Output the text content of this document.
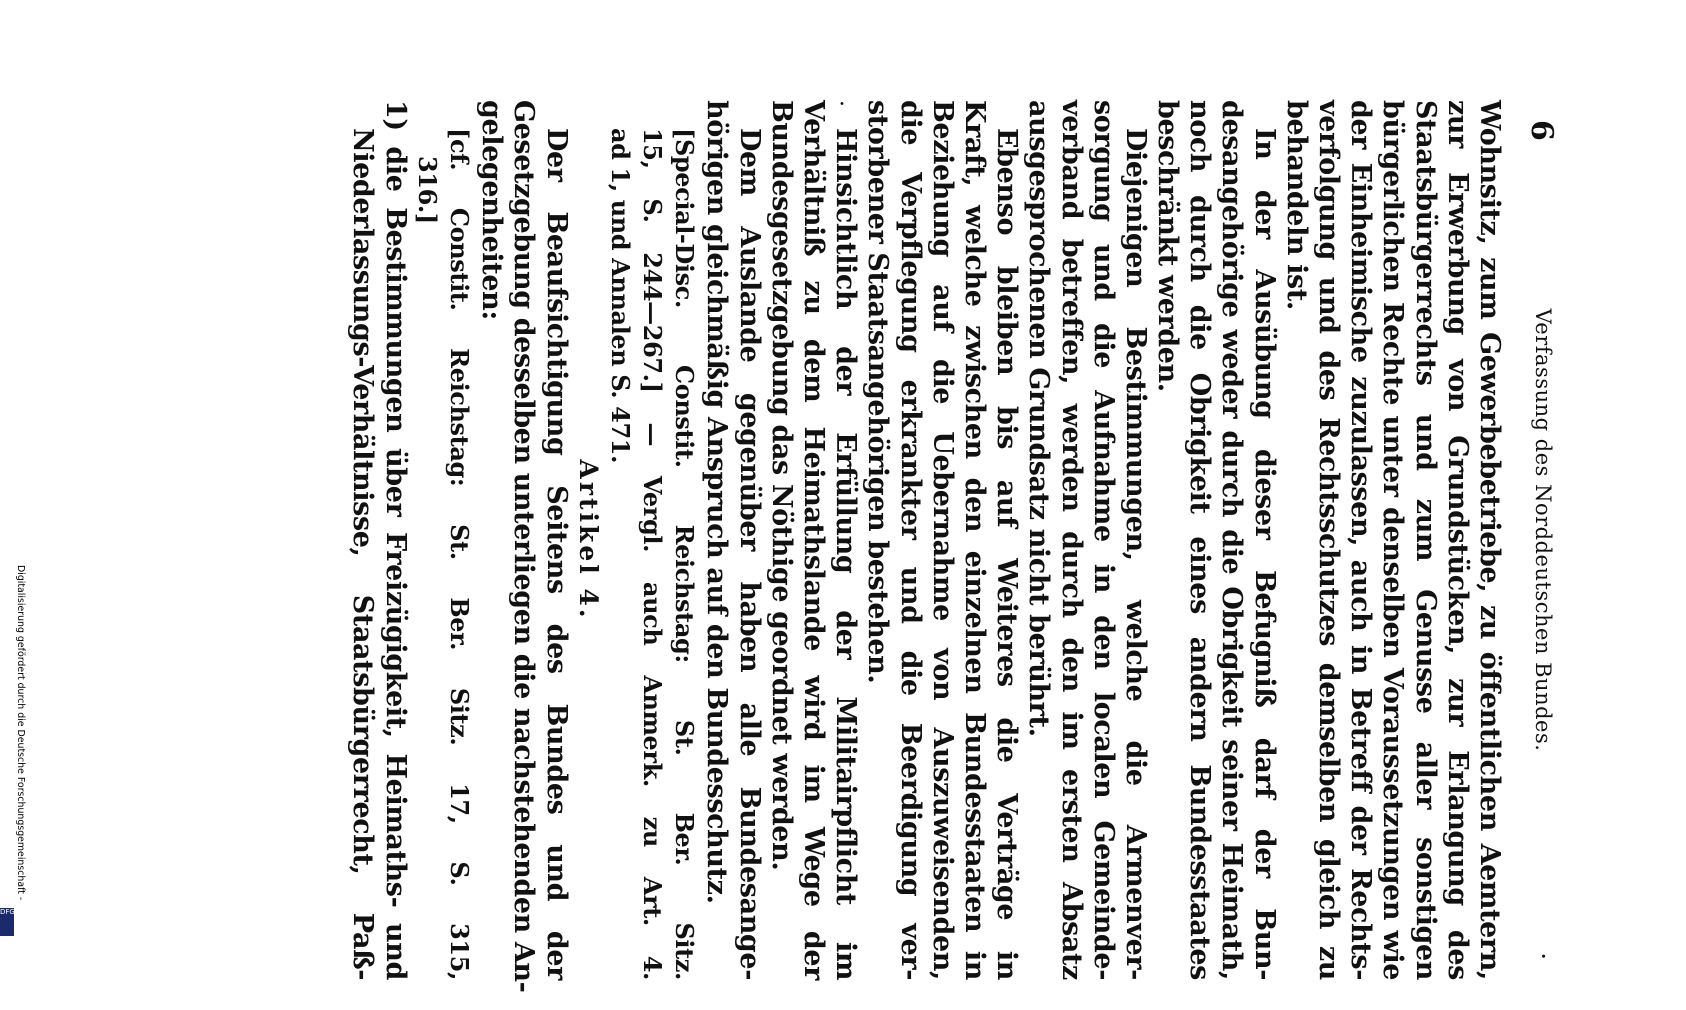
6
Verfassung des Norddeutschen Bundes.
·
·	Wohnsitz, zum Gewerbebetriebe, zu öffentlichen Aemtern,
zur Erwerbung von Grundstücken, zur Erlangung des
Staatsbürgerrechts und zum Genusse aller sonstigen
bürgerlichen Rechte unter denselben Voraussetzungen wie
der Einheimische zuzulassen, auch in Betreff der Rechts-
verfolgung und des Rechtsschutzes demselben gleich zu
behandeln ist.
In der Ausübung dieser Befugniß darf der Bun-
desangehörige weder durch die Obrigkeit seiner Heimath,
noch durch die Obrigkeit eines andern Bundesstaates
beschränkt werden.
Diejenigen Bestimmungen, welche die Armenver-
sorgung und die Aufnahme in den localen Gemeinde-
verband betreffen, werden durch den im ersten Absatz
ausgesprochenen Grundsatz nicht berührt.
Ebenso bleiben bis auf Weiteres die Verträge in
Kraft, welche zwischen den einzelnen Bundesstaaten in
Beziehung auf die Uebernahme von Auszuweisenden,
die Verpflegung erkrankter und die Beerdigung ver-
storbener Staatsangehörigen bestehen.
Hinsichtlich der Erfüllung der Militairpflicht im
Verhältniß zu dem Heimathslande wird im Wege der
Bundesgesetzgebung das Nöthige geordnet werden.
Dem Auslande gegenüber haben alle Bundesange-
hörigen gleichmäßig Anspruch auf den Bundesschutz.
[Special-Disc. Constit. Reichstag: St. Ber. Sitz.
15, S. 244—267.] — Vergl. auch Anmerk. zu Art. 4.
ad 1, und Annalen S. 471.
Artikel 4.
Der Beaufsichtigung Seitens des Bundes und der
Gesetzgebung desselben unterliegen die nachstehenden An-
gelegenheiten:
[cf. Constit. Reichstag: St. Ber. Sitz. 17, S. 315,
316.]
1) die Bestimmungen über Freizügigkeit, Heimaths- und
Niederlassungs-Verhältnisse, Staatsbürgerrecht, Paß-
Digitalisierung gefördert durch die Deutsche Forschungsgemeinschaft -
DFG
